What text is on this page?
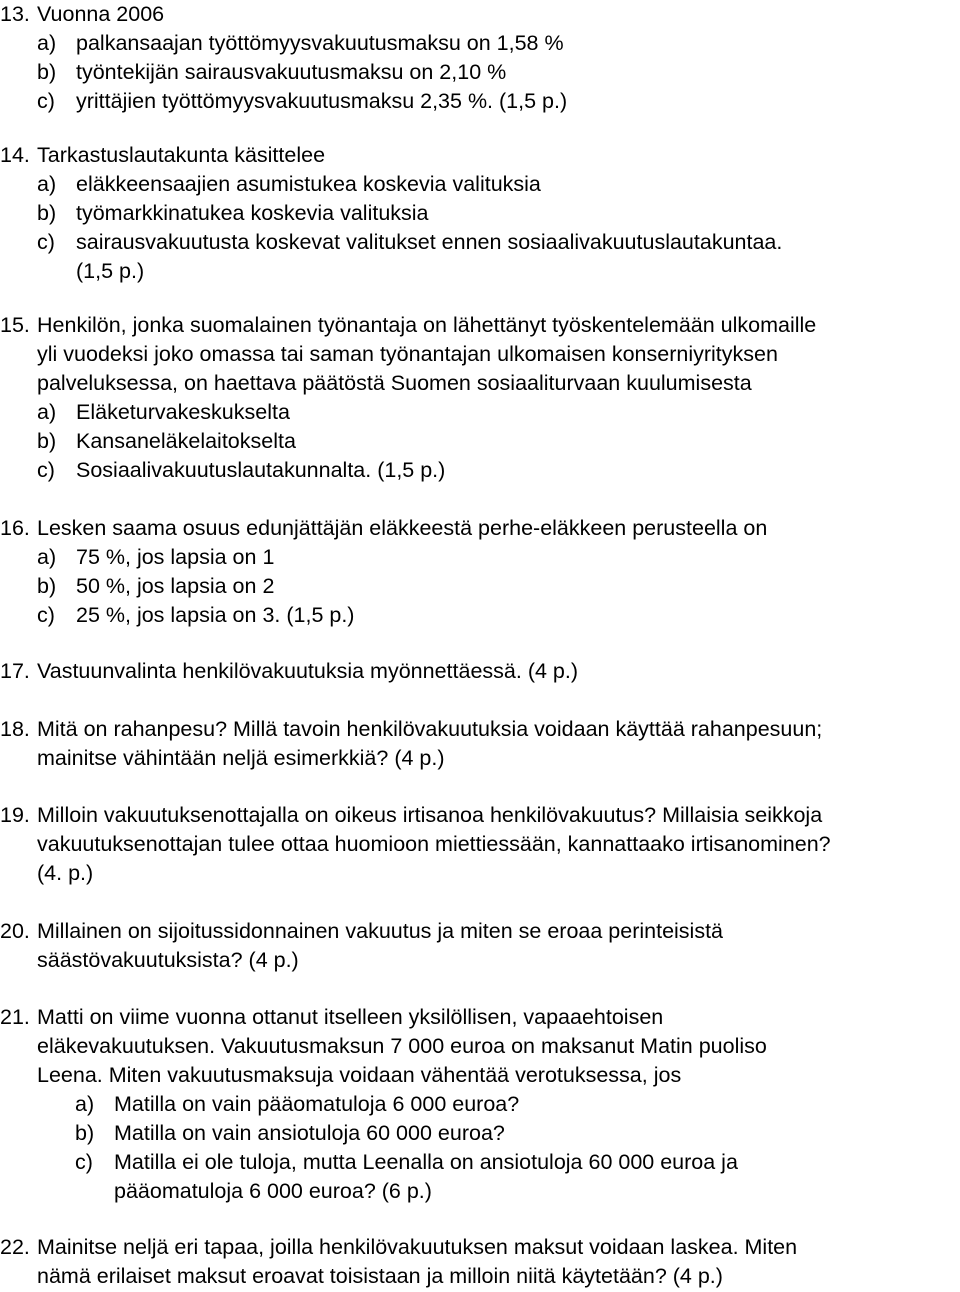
13. Vuonna 2006
a) palkansaajan työttömyysvakuutusmaksu on 1,58 %
b) työntekijän sairausvakuutusmaksu on 2,10 %
c) yrittäjien työttömyysvakuutusmaksu 2,35 %. (1,5 p.)
14. Tarkastuslautakunta käsittelee
a) eläkkeensaajien asumistukea koskevia valituksia
b) työmarkkinatukea koskevia valituksia
c) sairausvakuutusta koskevat valitukset ennen sosiaalivakuutuslautakuntaa.
(1,5 p.)
15. Henkilön, jonka suomalainen työnantaja on lähettänyt työskentelemään ulkomaille
yli vuodeksi joko omassa tai saman työnantajan ulkomaisen konserniyrityksen
palveluksessa, on haettava päätöstä Suomen sosiaaliturvaan kuulumisesta
a) Eläketurvakeskukselta
b) Kansaneläkelaitokselta
c) Sosiaalivakuutuslautakunnalta. (1,5 p.)
16. Lesken saama osuus edunjättäjän eläkkeestä perhe-eläkkeen perusteella on
a) 75 %, jos lapsia on 1
b) 50 %, jos lapsia on 2
c) 25 %, jos lapsia on 3. (1,5 p.)
17. Vastuunvalinta henkilövakuutuksia myönnettäessä. (4 p.)
18. Mitä on rahanpesu? Millä tavoin henkilövakuutuksia voidaan käyttää rahanpesuun;
mainitse vähintään neljä esimerkkiä? (4 p.)
19. Milloin vakuutuksenottajalla on oikeus irtisanoa henkilövakuutus? Millaisia seikkoja
vakuutuksenottajan tulee ottaa huomioon miettiessään, kannattaako irtisanominen?
(4. p.)
20. Millainen on sijoitussidonnainen vakuutus ja miten se eroaa perinteisistä
säästövakuutuksista? (4 p.)
21. Matti on viime vuonna ottanut itselleen yksilöllisen, vapaaehtoisen
eläkevakuutuksen. Vakuutusmaksun 7 000 euroa on maksanut Matin puoliso
Leena. Miten vakuutusmaksuja voidaan vähentää verotuksessa, jos
a) Matilla on vain pääomatuloja 6 000 euroa?
b) Matilla on vain ansiotuloja 60 000 euroa?
c) Matilla ei ole tuloja, mutta Leenalla on ansiotuloja 60 000 euroa ja
pääomatuloja 6 000 euroa? (6 p.)
22. Mainitse neljä eri tapaa, joilla henkilövakuutuksen maksut voidaan laskea. Miten
nämä erilaiset maksut eroavat toisistaan ja milloin niitä käytetään? (4 p.)
